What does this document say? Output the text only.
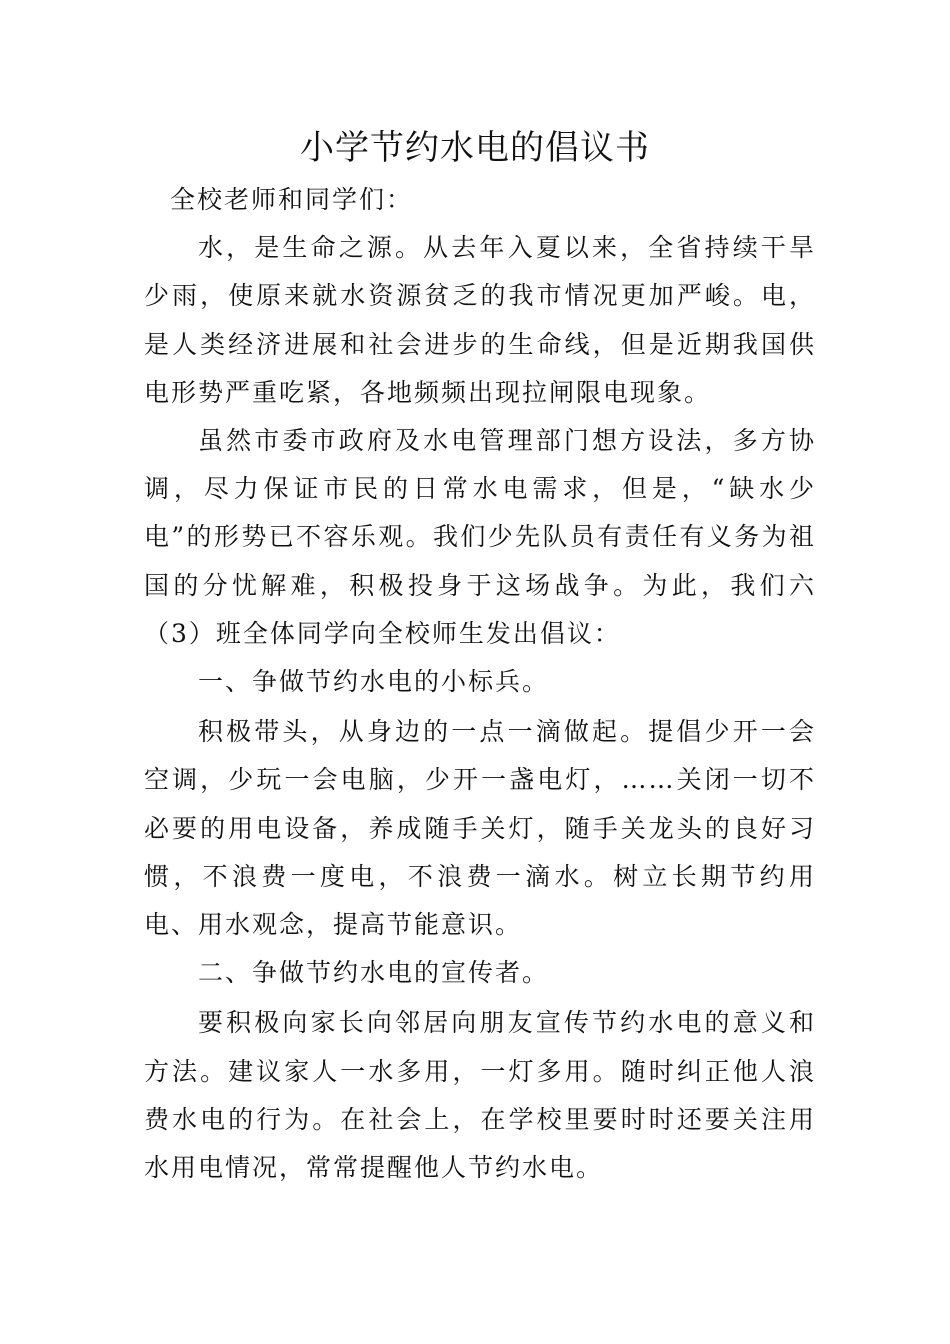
小学节约水电的倡议书

全校老师和同学们：

水，是生命之源。从去年入夏以来，全省持续干旱少雨，使原来就水资源贫乏的我市情况更加严峻。电，是人类经济进展和社会进步的生命线，但是近期我国供电形势严重吃紧，各地频频出现拉闸限电现象。

虽然市委市政府及水电管理部门想方设法，多方协调，尽力保证市民的日常水电需求，但是，“缺水少电”的形势已不容乐观。我们少先队员有责任有义务为祖国的分忧解难，积极投身于这场战争。为此，我们六（3）班全体同学向全校师生发出倡议：

一、争做节约水电的小标兵。

积极带头，从身边的一点一滴做起。提倡少开一会空调，少玩一会电脑，少开一盏电灯，……关闭一切不必要的用电设备，养成随手关灯，随手关龙头的良好习惯，不浪费一度电，不浪费一滴水。树立长期节约用电、用水观念，提高节能意识。

二、争做节约水电的宣传者。

要积极向家长向邻居向朋友宣传节约水电的意义和方法。建议家人一水多用，一灯多用。随时纠正他人浪费水电的行为。在社会上，在学校里要时时还要关注用水用电情况，常常提醒他人节约水电。
